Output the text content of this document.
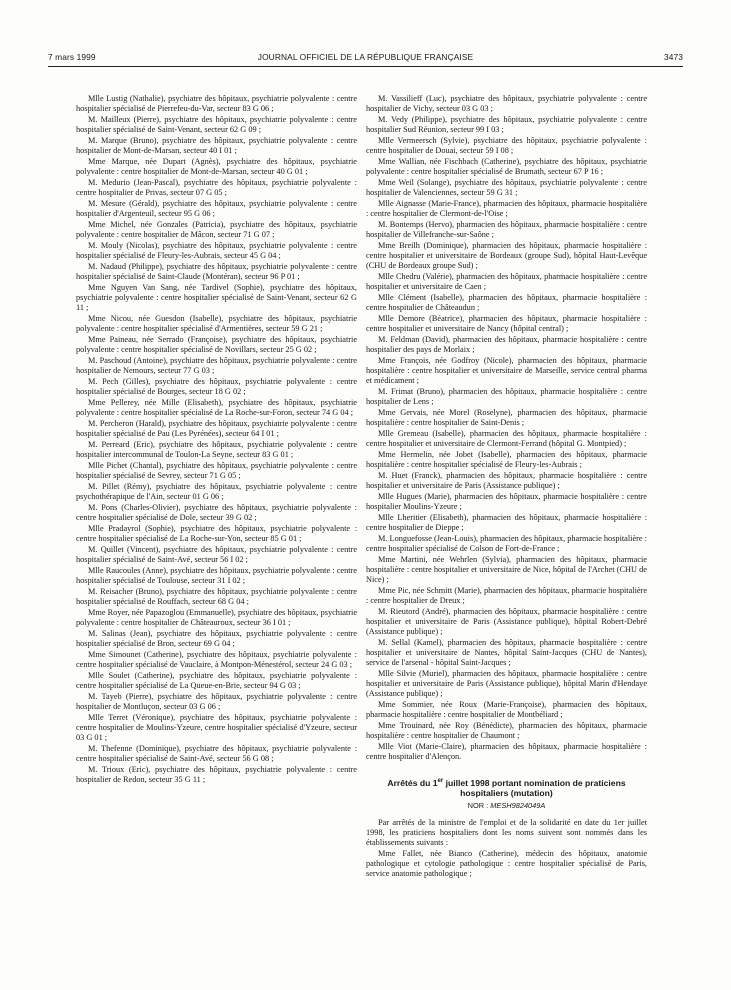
7 mars 1999	JOURNAL OFFICIEL DE LA RÉPUBLIQUE FRANÇAISE	3473

Mlle Lustig (Nathalie), psychiatre des hôpitaux, psychiatrie polyvalente : centre hospitalier spécialisé de Pierrefeu-du-Var, secteur 83 G 06 ;

M. Mailleux (Pierre), psychiatre des hôpitaux, psychiatrie polyvalente : centre hospitalier spécialisé de Saint-Venant, secteur 62 G 09 ;

M. Marque (Bruno), psychiatre des hôpitaux, psychiatrie polyvalente : centre hospitalier de Mont-de-Marsan, secteur 40 I 01 ;

Mme Marque, née Dupart (Agnès), psychiatre des hôpitaux, psychiatrie polyvalente : centre hospitalier de Mont-de-Marsan, secteur 40 G 01 ;

M. Medurio (Jean-Pascal), psychiatre des hôpitaux, psychiatrie polyvalente : centre hospitalier de Privas, secteur 07 G 05 ;

M. Mesure (Gérald), psychiatre des hôpitaux, psychiatrie polyvalente : centre hospitalier d'Argenteuil, secteur 95 G 06 ;

Mme Michel, née Gonzales (Patricia), psychiatre des hôpitaux, psychiatrie polyvalente : centre hospitalier de Mâcon, secteur 71 G 07 ;

M. Mouly (Nicolas), psychiatre des hôpitaux, psychiatrie polyvalente : centre hospitalier spécialisé de Fleury-les-Aubrais, secteur 45 G 04 ;

M. Nadaud (Philippe), psychiatre des hôpitaux, psychiatrie polyvalente : centre hospitalier spécialisé de Saint-Claude (Montéran), secteur 96 P 01 ;

Mme Nguyen Van Sang, née Tardivel (Sophie), psychiatre des hôpitaux, psychiatrie polyvalente : centre hospitalier spécialisé de Saint-Venant, secteur 62 G 11 ;

Mme Nicou, née Guesdon (Isabelle), psychiatre des hôpitaux, psychiatrie polyvalente : centre hospitalier spécialisé d'Armentières, secteur 59 G 21 ;

Mme Paineau, née Serrado (Françoise), psychiatre des hôpitaux, psychiatrie polyvalente : centre hospitalier spécialisé de Novillars, secteur 25 G 02 ;

M. Paschoud (Antoine), psychiatre des hôpitaux, psychiatrie polyvalente : centre hospitalier de Nemours, secteur 77 G 03 ;

M. Pech (Gilles), psychiatre des hôpitaux, psychiatrie polyvalente : centre hospitalier spécialisé de Bourges, secteur 18 G 02 ;

Mme Pellerey, née Mille (Elisabeth), psychiatre des hôpitaux, psychiatrie polyvalente : centre hospitalier spécialisé de La Roche-sur-Foron, secteur 74 G 04 ;

M. Percheron (Harald), psychiatre des hôpitaux, psychiatrie polyvalente : centre hospitalier spécialisé de Pau (Les Pyrénées), secteur 64 I 01 ;

M. Perreard (Eric), psychiatre des hôpitaux, psychiatrie polyvalente : centre hospitalier intercommunal de Toulon-La Seyne, secteur 83 G 01 ;

Mlle Pichet (Chantal), psychiatre des hôpitaux, psychiatrie polyvalente : centre hospitalier spécialisé de Sevrey, secteur 71 G 05 ;

M. Pillet (Rémy), psychiatre des hôpitaux, psychiatrie polyvalente : centre psychothérapique de l'Ain, secteur 01 G 06 ;

M. Pons (Charles-Olivier), psychiatre des hôpitaux, psychiatrie polyvalente : centre hospitalier spécialisé de Dole, secteur 39 G 02 ;

Mlle Pradayrol (Sophie), psychiatre des hôpitaux, psychiatrie polyvalente : centre hospitalier spécialisé de La Roche-sur-Yon, secteur 85 G 01 ;

M. Quillet (Vincent), psychiatre des hôpitaux, psychiatrie polyvalente : centre hospitalier spécialisé de Saint-Avé, secteur 56 I 02 ;

Mlle Raucoules (Anne), psychiatre des hôpitaux, psychiatrie polyvalente : centre hospitalier spécialisé de Toulouse, secteur 31 I 02 ;

M. Reisacher (Bruno), psychiatre des hôpitaux, psychiatrie polyvalente : centre hospitalier spécialisé de Rouffach, secteur 68 G 04 ;

Mme Royer, née Papazoglou (Emmanuelle), psychiatre des hôpitaux, psychiatrie polyvalente : centre hospitalier de Châteauroux, secteur 36 I 01 ;

M. Salinas (Jean), psychiatre des hôpitaux, psychiatrie polyvalente : centre hospitalier spécialisé de Bron, secteur 69 G 04 ;

Mme Simounet (Catherine), psychiatre des hôpitaux, psychiatrie polyvalente : centre hospitalier spécialisé de Vauclaire, à Montpon-Ménestérol, secteur 24 G 03 ;

Mlle Soulet (Catherine), psychiatre des hôpitaux, psychiatrie polyvalente : centre hospitalier spécialisé de La Queue-en-Brie, secteur 94 G 03 ;

M. Tayeb (Pierre), psychiatre des hôpitaux, psychiatrie polyvalente : centre hospitalier de Montluçon, secteur 03 G 06 ;

Mlle Terret (Véronique), psychiatre des hôpitaux, psychiatrie polyvalente : centre hospitalier de Moulins-Yzeure, centre hospitalier spécialisé d'Yzeure, secteur 03 G 01 ;

M. Thefenne (Dominique), psychiatre des hôpitaux, psychiatrie polyvalente : centre hospitalier spécialisé de Saint-Avé, secteur 56 G 08 ;

M. Trioux (Eric), psychiatre des hôpitaux, psychiatrie polyvalente : centre hospitalier de Redon, secteur 35 G 11 ;

M. Vassilieff (Luc), psychiatre des hôpitaux, psychiatrie polyvalente : centre hospitalier de Vichy, secteur 03 G 03 ;

M. Vedy (Philippe), psychiatre des hôpitaux, psychiatrie polyvalente : centre hospitalier Sud Réunion, secteur 99 I 03 ;

Mlle Vermeersch (Sylvie), psychiatre des hôpitaux, psychiatrie polyvalente : centre hospitalier de Douai, secteur 59 I 08 ;

Mme Wallian, née Fischbach (Catherine), psychiatre des hôpitaux, psychiatrie polyvalente : centre hospitalier spécialisé de Brumath, secteur 67 P 16 ;

Mme Weil (Solange), psychiatre des hôpitaux, psychiatrie polyvalente : centre hospitalier de Valenciennes, secteur 59 G 31 ;

Mlle Aignasse (Marie-France), pharmacien des hôpitaux, pharmacie hospitalière : centre hospitalier de Clermont-de-l'Oise ;

M. Bontemps (Hervo), pharmacien des hôpitaux, pharmacie hospitalière : centre hospitalier de Villefranche-sur-Saône ;

Mme Breilh (Dominique), pharmacien des hôpitaux, pharmacie hospitalière : centre hospitalier et universitaire de Bordeaux (groupe Sud), hôpital Haut-Levêque (CHU de Bordeaux groupe Sud) ;

Mlle Chedru (Valérie), pharmacien des hôpitaux, pharmacie hospitalière : centre hospitalier et universitaire de Caen ;

Mlle Clément (Isabelle), pharmacien des hôpitaux, pharmacie hospitalière : centre hospitalier de Châteaudun ;

Mlle Demore (Béatrice), pharmacien des hôpitaux, pharmacie hospitalière : centre hospitalier et universitaire de Nancy (hôpital central) ;

M. Feldman (David), pharmacien des hôpitaux, pharmacie hospitalière : centre hospitalier des pays de Morlaix ;

Mme François, née Godfroy (Nicole), pharmacien des hôpitaux, pharmacie hospitalière : centre hospitalier et universitaire de Marseille, service central pharma et médicament ;

M. Frimat (Bruno), pharmacien des hôpitaux, pharmacie hospitalière : centre hospitalier de Lens ;

Mme Gervais, née Morel (Roselyne), pharmacien des hôpitaux, pharmacie hospitalière : centre hospitalier de Saint-Denis ;

Mlle Gremeau (Isabelle), pharmacien des hôpitaux, pharmacie hospitalière : centre hospitalier et universitaire de Clermont-Ferrand (hôpital G. Montpied) ;

Mme Hermelin, née Jobet (Isabelle), pharmacien des hôpitaux, pharmacie hospitalière : centre hospitalier spécialisé de Fleury-les-Aubrais ;

M. Huet (Franck), pharmacien des hôpitaux, pharmacie hospitalière : centre hospitalier et universitaire de Paris (Assistance publique) ;

Mlle Hugues (Marie), pharmacien des hôpitaux, pharmacie hospitalière : centre hospitalier Moulins-Yzeure ;

Mlle Lheritier (Elisabeth), pharmacien des hôpitaux, pharmacie hospitalière : centre hospitalier de Dieppe ;

M. Longuefosse (Jean-Louis), pharmacien des hôpitaux, pharmacie hospitalière : centre hospitalier spécialisé de Colson de Fort-de-France ;

Mme Martini, née Wehrlen (Sylvia), pharmacien des hôpitaux, pharmacie hospitalière : centre hospitalier et universitaire de Nice, hôpital de l'Archet (CHU de Nice) ;

Mme Pic, née Schmitt (Marie), pharmacien des hôpitaux, pharmacie hospitalière : centre hospitalier de Dreux ;

M. Rieutord (André), pharmacien des hôpitaux, pharmacie hospitalière : centre hospitalier et universitaire de Paris (Assistance publique), hôpital Robert-Debré (Assistance publique) ;

M. Sellal (Kamel), pharmacien des hôpitaux, pharmacie hospitalière : centre hospitalier et universitaire de Nantes, hôpital Saint-Jacques (CHU de Nantes), service de l'arsenal - hôpital Saint-Jacques ;

Mlle Silvie (Muriel), pharmacien des hôpitaux, pharmacie hospitalière : centre hospitalier et universitaire de Paris (Assistance publique), hôpital Marin d'Hendaye (Assistance publique) ;

Mme Sommier, née Roux (Marie-Françoise), pharmacien des hôpitaux, pharmacie hospitalière : centre hospitalier de Montbéliard ;

Mme Trouinard, née Roy (Bénédicte), pharmacien des hôpitaux, pharmacie hospitalière : centre hospitalier de Chaumont ;

Mlle Viot (Marie-Claire), pharmacien des hôpitaux, pharmacie hospitalière : centre hospitalier d'Alençon.

Arrêtés du 1er juillet 1998 portant nomination de praticiens hospitaliers (mutation)
NOR : MESH9824049A

Par arrêtés de la ministre de l'emploi et de la solidarité en date du 1er juillet 1998, les praticiens hospitaliers dont les noms suivent sont nommés dans les établissements suivants :

Mme Fallet, née Bianco (Catherine), médecin des hôpitaux, anatomie pathologique et cytologie pathologique : centre hospitalier spécialisé de Paris, service anatomie pathologique ;
